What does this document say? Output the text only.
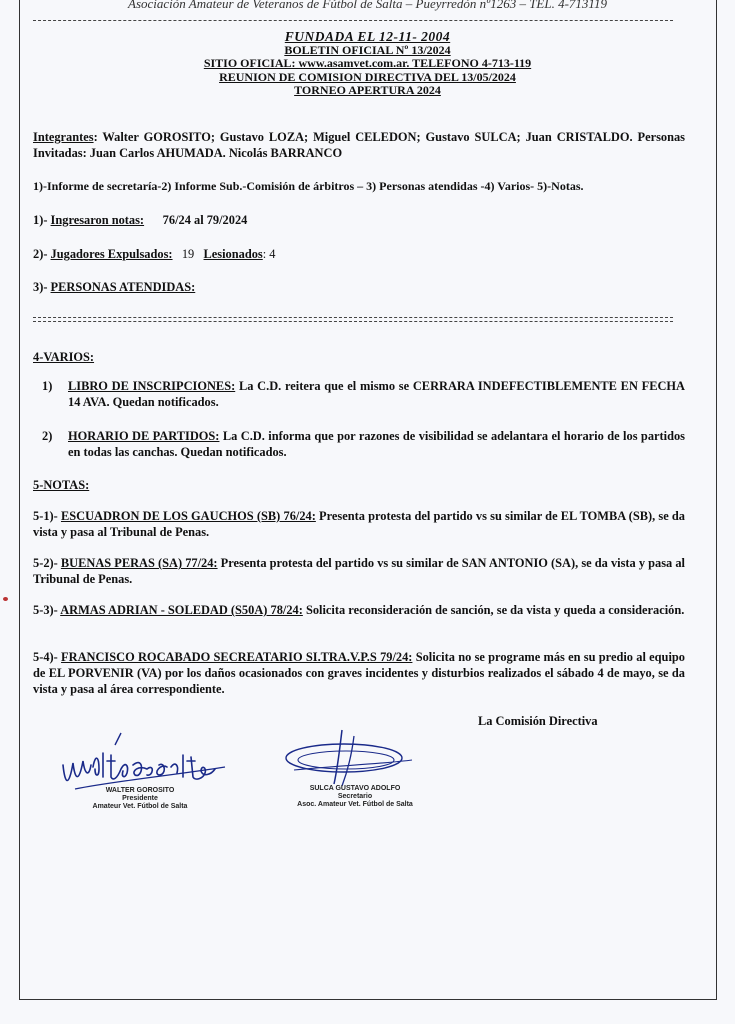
Asociación Amateur de Veteranos de Fútbol de Salta – Pueyrredón nº1263 – TEL. 4-713119
FUNDADA EL 12-11- 2004
BOLETIN OFICIAL Nº 13/2024
SITIO OFICIAL: www.asamvet.com.ar. TELEFONO 4-713-119
REUNION DE COMISION DIRECTIVA DEL 13/05/2024
TORNEO APERTURA 2024
Integrantes: Walter GOROSITO; Gustavo LOZA; Miguel CELEDON; Gustavo SULCA; Juan CRISTALDO. Personas Invitadas: Juan Carlos AHUMADA. Nicolás BARRANCO
1)-Informe de secretaría-2) Informe Sub.-Comisión de árbitros – 3) Personas atendidas -4) Varios- 5)-Notas.
1)- Ingresaron notas: 76/24 al 79/2024
2)- Jugadores Expulsados: 19 Lesionados: 4
3)- PERSONAS ATENDIDAS:
4-VARIOS:
1) LIBRO DE INSCRIPCIONES: La C.D. reitera que el mismo se CERRARA INDEFECTIBLEMENTE EN FECHA 14 AVA. Quedan notificados.
2) HORARIO DE PARTIDOS: La C.D. informa que por razones de visibilidad se adelantara el horario de los partidos en todas las canchas. Quedan notificados.
5-NOTAS:
5-1)- ESCUADRON DE LOS GAUCHOS (SB) 76/24: Presenta protesta del partido vs su similar de EL TOMBA (SB), se da vista y pasa al Tribunal de Penas.
5-2)- BUENAS PERAS (SA) 77/24: Presenta protesta del partido vs su similar de SAN ANTONIO (SA), se da vista y pasa al Tribunal de Penas.
5-3)- ARMAS ADRIAN - SOLEDAD (S50A) 78/24: Solicita reconsideración de sanción, se da vista y queda a consideración.
5-4)- FRANCISCO ROCABADO SECREATARIO SI.TRA.V.P.S 79/24: Solicita no se programe más en su predio al equipo de EL PORVENIR (VA) por los daños ocasionados con graves incidentes y disturbios realizados el sábado 4 de mayo, se da vista y pasa al área correspondiente.
La Comisión Directiva
WALTER GOROSITO
Presidente
Amateur Vet. Fútbol de Salta
SULCA GUSTAVO ADOLFO
Secretario
Asoc. Amateur Vet. Fútbol de Salta
